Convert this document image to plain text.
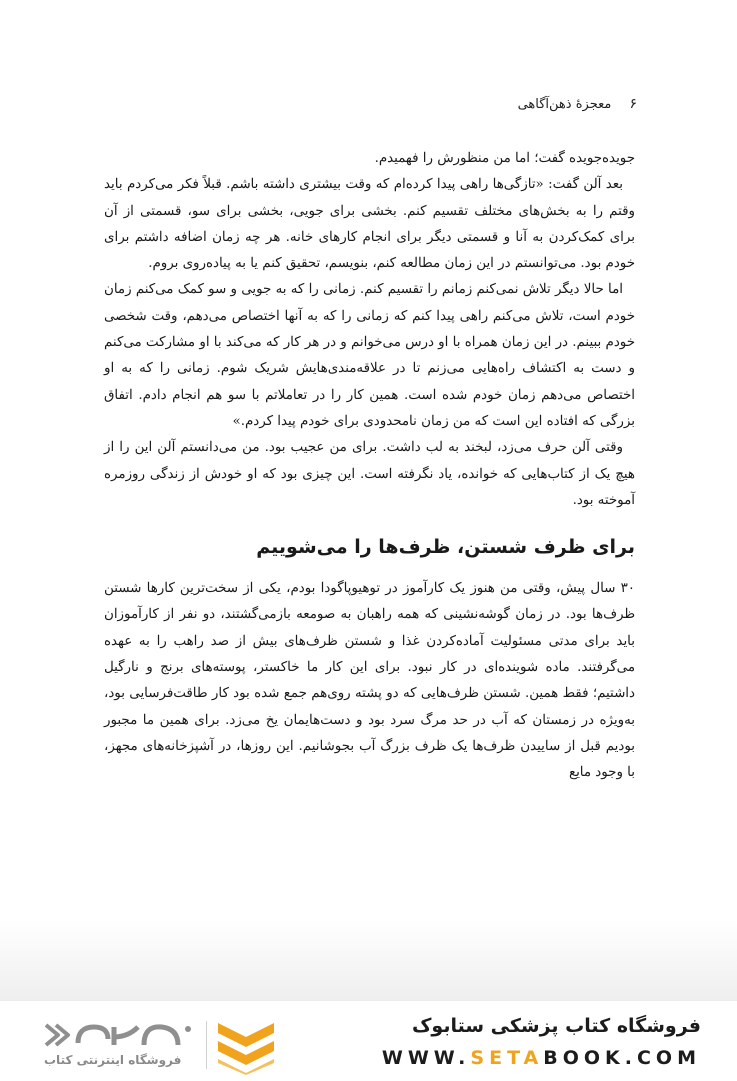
۶ معجزهٔ ذهن‌آگاهی

جویده‌جویده گفت؛ اما من منظورش را فهمیدم.

بعد آلن گفت: «تازگی‌ها راهی پیدا کرده‌ام که وقت بیشتری داشته باشم. قبلاً فکر می‌کردم باید وقتم را به بخش‌های مختلف تقسیم کنم. بخشی برای جویی، بخشی برای سو، قسمتی از آن برای کمک‌کردن به آنا و قسمتی دیگر برای انجام کارهای خانه. هر چه زمان اضافه داشتم برای خودم بود. می‌توانستم در این زمان مطالعه کنم، بنویسم، تحقیق کنم یا به پیاده‌روی بروم.

اما حالا دیگر تلاش نمی‌کنم زمانم را تقسیم کنم. زمانی را که به جویی و سو کمک می‌کنم زمان خودم است، تلاش می‌کنم راهی پیدا کنم که زمانی را که به آنها اختصاص می‌دهم، وقت شخصی خودم ببینم. در این زمان همراه با او درس می‌خوانم و در هر کار که می‌کند با او مشارکت می‌کنم و دست به اکتشاف راه‌هایی می‌زنم تا در علاقه‌مندی‌هایش شریک شوم. زمانی را که به او اختصاص می‌دهم زمان خودم شده است. همین کار را در تعاملاتم با سو هم انجام دادم. اتفاق بزرگی که افتاده این است که من زمان نامحدودی برای خودم پیدا کردم.»

وقتی آلن حرف می‌زد، لبخند به لب داشت. برای من عجیب بود. من می‌دانستم آلن این را از هیچ یک از کتاب‌هایی که خوانده، یاد نگرفته است. این چیزی بود که او خودش از زندگی روزمره آموخته بود.

برای ظرف شستن، ظرف‌ها را می‌شوییم

۳۰ سال پیش، وقتی من هنوز یک کارآموز در توهیوپاگودا بودم، یکی از سخت‌ترین کارها شستن ظرف‌ها بود. در زمان گوشه‌نشینی که همه راهبان به صومعه بازمی‌گشتند، دو نفر از کارآموزان باید برای مدتی مسئولیت آماده‌کردن غذا و شستن ظرف‌های بیش از صد راهب را به عهده می‌گرفتند. ماده شوینده‌ای در کار نبود. برای این کار ما خاکستر، پوسته‌های برنج و نارگیل داشتیم؛ فقط همین. شستن ظرف‌هایی که دو پشته روی‌هم جمع شده بود کار طاقت‌فرسایی بود، به‌ویژه در زمستان که آب در حد مرگ سرد بود و دست‌هایمان یخ می‌زد. برای همین ما مجبور بودیم قبل از ساییدن ظرف‌ها یک ظرف بزرگ آب بجوشانیم. این روزها، در آشپزخانه‌های مجهز، با وجود مایع

فروشگاه اینترنتی کتاب
فروشگاه کتاب پزشکی ستابوک
WWW.SETABOOK.COM
